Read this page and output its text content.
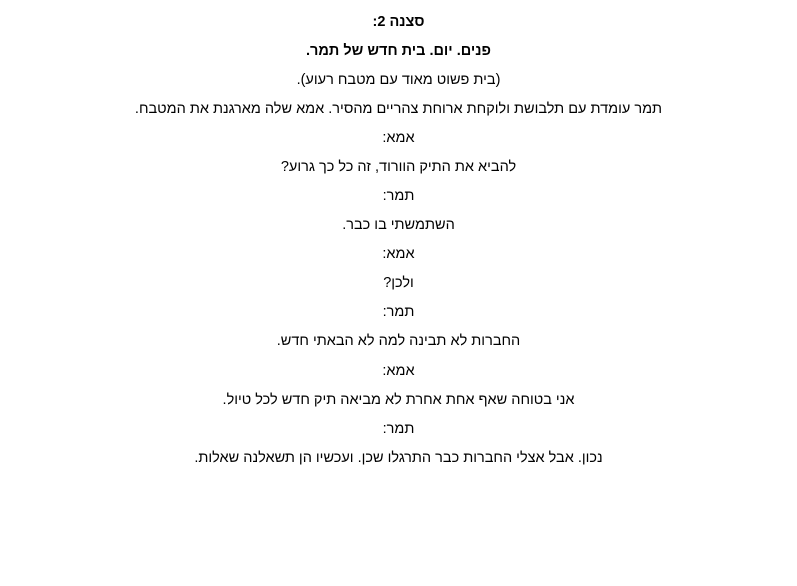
סצנה 2:
פנים. יום. בית חדש של תמר.
(בית פשוט מאוד עם מטבח רעוע).
תמר עומדת עם תלבושת ולוקחת ארוחת צהריים מהסיר. אמא שלה מארגנת את המטבח.
אמא:
להביא את התיק הוורוד, זה כל כך גרוע?
תמר:
השתמשתי בו כבר.
אמא:
ולכן?
תמר:
החברות לא תבינה למה לא הבאתי חדש.
אמא:
אני בטוחה שאף אחת אחרת לא מביאה תיק חדש לכל טיול.
תמר:
נכון. אבל אצלי החברות כבר התרגלו שכן. ועכשיו הן תשאלנה שאלות.
